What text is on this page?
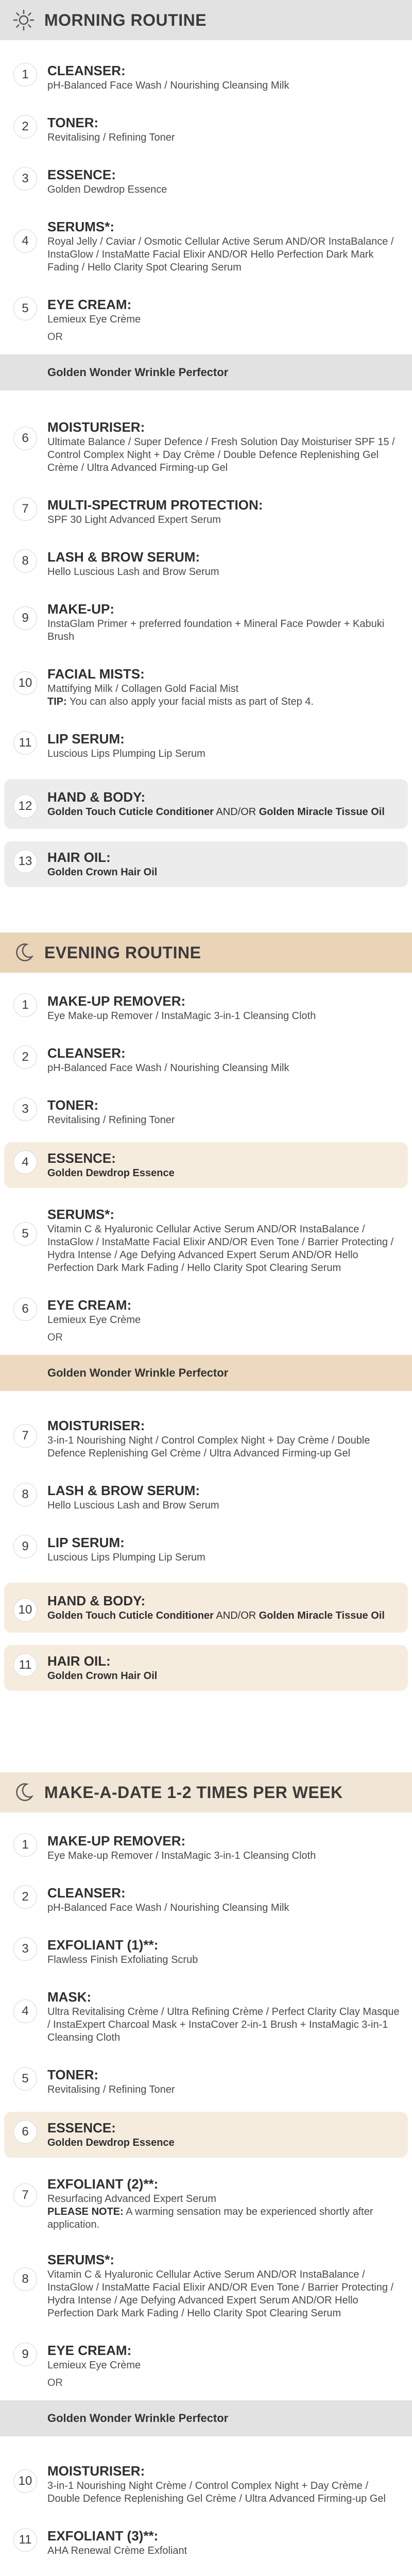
MORNING ROUTINE
1	CLEANSER:
pH-Balanced Face Wash / Nourishing Cleansing Milk
2	TONER:
Revitalising / Refining Toner
3	ESSENCE:
Golden Dewdrop Essence
4
SERUMS*:
Royal Jelly / Caviar / Osmotic Cellular Active Serum AND/OR InstaBalance / InstaGlow / InstaMatte Facial Elixir AND/OR Hello Perfection Dark Mark Fading / Hello Clarity Spot Clearing Serum
5	EYE CREAM:
Lemieux Eye Crème
OR
Golden Wonder Wrinkle Perfector
6
MOISTURISER:
Ultimate Balance / Super Defence / Fresh Solution Day Moisturiser SPF 15 / Control Complex Night + Day Crème / Double Defence Replenishing Gel Crème / Ultra Advanced Firming-up Gel
7	MULTI-SPECTRUM PROTECTION:
SPF 30 Light Advanced Expert Serum
8	LASH & BROW SERUM:
Hello Luscious Lash and Brow Serum
9
MAKE-UP:
InstaGlam Primer + preferred foundation + Mineral Face Powder + Kabuki Brush
10
FACIAL MISTS:
Mattifying Milk / Collagen Gold Facial Mist
TIP: You can also apply your facial mists as part of Step 4.
11	LIP SERUM:
Luscious Lips Plumping Lip Serum
12
HAND & BODY:
Golden Touch Cuticle Conditioner AND/OR Golden Miracle Tissue Oil
13	HAIR OIL:
Golden Crown Hair Oil
EVENING ROUTINE
1	MAKE-UP REMOVER:
Eye Make-up Remover / InstaMagic 3-in-1 Cleansing Cloth
2	CLEANSER:
pH-Balanced Face Wash / Nourishing Cleansing Milk
3	TONER:
Revitalising / Refining Toner
4	ESSENCE:
Golden Dewdrop Essence
5
SERUMS*:
Vitamin C & Hyaluronic Cellular Active Serum AND/OR InstaBalance / InstaGlow / InstaMatte Facial Elixir AND/OR Even Tone / Barrier Protecting / Hydra Intense / Age Defying Advanced Expert Serum AND/OR Hello Perfection Dark Mark Fading / Hello Clarity Spot Clearing Serum
6	EYE CREAM:
Lemieux Eye Crème
OR
Golden Wonder Wrinkle Perfector
7
MOISTURISER:
3-in-1 Nourishing Night / Control Complex Night + Day Crème / Double Defence Replenishing Gel Crème / Ultra Advanced Firming-up Gel
8	LASH & BROW SERUM:
Hello Luscious Lash and Brow Serum
9	LIP SERUM:
Luscious Lips Plumping Lip Serum
10
HAND & BODY:
Golden Touch Cuticle Conditioner AND/OR Golden Miracle Tissue Oil
11	HAIR OIL:
Golden Crown Hair Oil
MAKE-A-DATE 1-2 TIMES PER WEEK
1	MAKE-UP REMOVER:
Eye Make-up Remover / InstaMagic 3-in-1 Cleansing Cloth
2	CLEANSER:
pH-Balanced Face Wash / Nourishing Cleansing Milk
3	EXFOLIANT (1)**:
Flawless Finish Exfoliating Scrub
4
MASK:
Ultra Revitalising Crème / Ultra Refining Crème / Perfect Clarity Clay Masque / InstaExpert Charcoal Mask + InstaCover 2-in-1 Brush + InstaMagic 3-in-1 Cleansing Cloth
5	TONER:
Revitalising / Refining Toner
6	ESSENCE:
Golden Dewdrop Essence
7
EXFOLIANT (2)**:
Resurfacing Advanced Expert Serum
PLEASE NOTE: A warming sensation may be experienced shortly after application.
8
SERUMS*:
Vitamin C & Hyaluronic Cellular Active Serum AND/OR InstaBalance / InstaGlow / InstaMatte Facial Elixir AND/OR Even Tone / Barrier Protecting / Hydra Intense / Age Defying Advanced Expert Serum AND/OR Hello Perfection Dark Mark Fading / Hello Clarity Spot Clearing Serum
9	EYE CREAM:
Lemieux Eye Crème
OR
Golden Wonder Wrinkle Perfector
10
MOISTURISER:
3-in-1 Nourishing Night Crème / Control Complex Night + Day Crème / Double Defence Replenishing Gel Crème / Ultra Advanced Firming-up Gel
11	EXFOLIANT (3)**:
AHA Renewal Crème Exfoliant
